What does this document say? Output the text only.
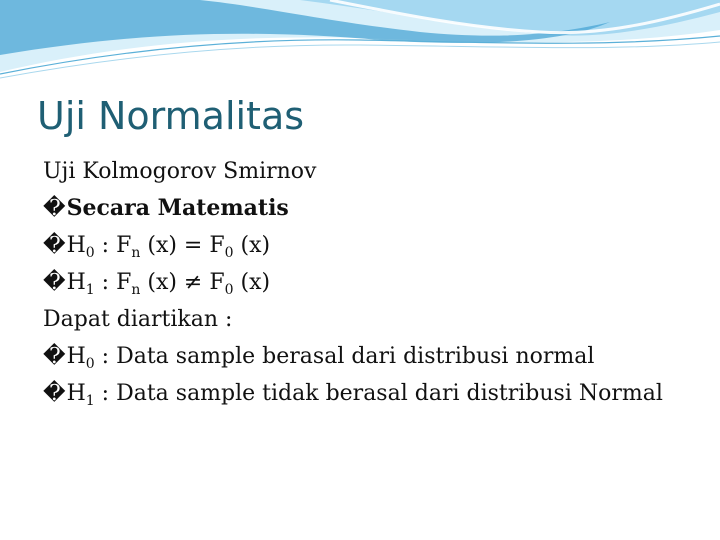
Uji Normalitas
Uji Kolmogorov Smirnov
�Secara Matematis
$�H_0$ : $F_n$ $(x) = F_0$ (x)
$�H_1$ : $F_n$ $(x) \ne F_0$ (x)
Dapat diartikan :
$�H_0$ : Data sample berasal dari distribusi normal
$�H_1$ : Data sample tidak berasal dari distribusi Normal
